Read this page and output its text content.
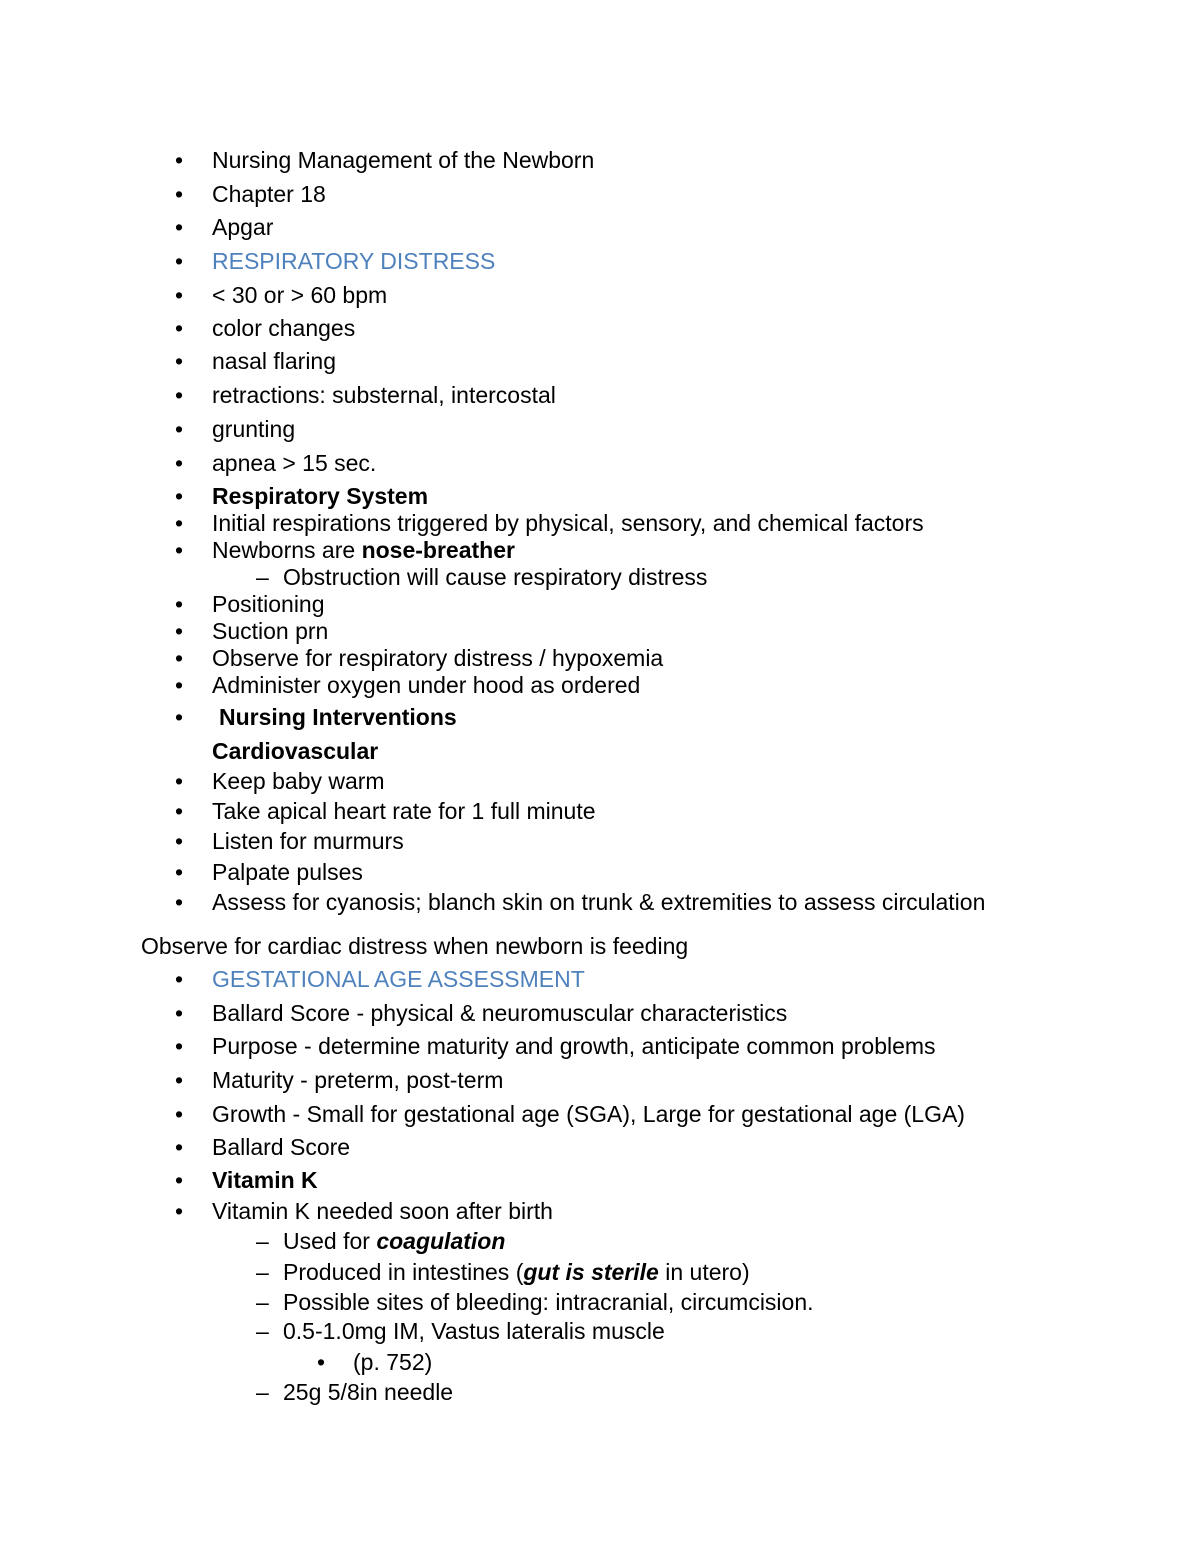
• Nursing Management of the Newborn
• Chapter 18
• Apgar
• RESPIRATORY DISTRESS
• < 30 or > 60 bpm
• color changes
• nasal flaring
• retractions: substernal, intercostal
• grunting
• apnea > 15 sec.
• Respiratory System
• Initial respirations triggered by physical, sensory, and chemical factors
• Newborns are nose-breather
– Obstruction will cause respiratory distress
• Positioning
• Suction prn
• Observe for respiratory distress / hypoxemia
• Administer oxygen under hood as ordered
• Nursing Interventions
Cardiovascular
• Keep baby warm
• Take apical heart rate for 1 full minute
• Listen for murmurs
• Palpate pulses
• Assess for cyanosis; blanch skin on trunk & extremities to assess circulation
Observe for cardiac distress when newborn is feeding
• GESTATIONAL AGE ASSESSMENT
• Ballard Score - physical & neuromuscular characteristics
• Purpose - determine maturity and growth, anticipate common problems
• Maturity - preterm, post-term
• Growth - Small for gestational age (SGA), Large for gestational age (LGA)
• Ballard Score
• Vitamin K
• Vitamin K needed soon after birth
– Used for coagulation
– Produced in intestines (gut is sterile in utero)
– Possible sites of bleeding: intracranial, circumcision.
– 0.5-1.0mg IM, Vastus lateralis muscle
• (p. 752)
– 25g 5/8in needle
